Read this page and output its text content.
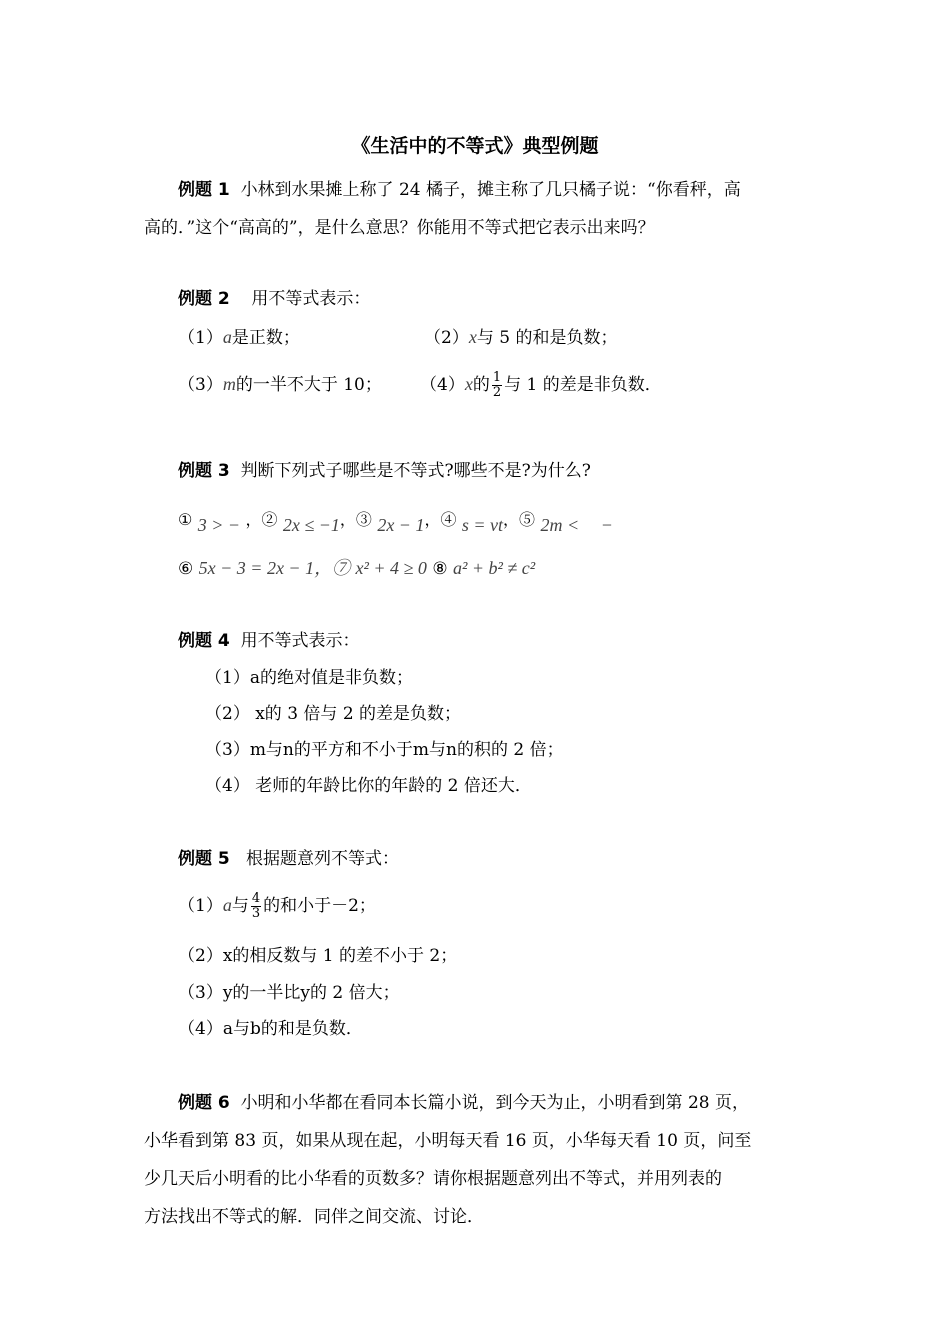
《生活中的不等式》典型例题
例题 1 小林到水果摊上称了 24 橘子，摊主称了几只橘子说：“你看秤，高
高的．”这个“高高的”，是什么意思？你能用不等式把它表示出来吗？
例题 2 用不等式表示：
（1）a是正数；	（2）x与 5 的和是负数；
（3）m的一半不大于 10； （4）x的 $\frac{1}{2}$ 与 1 的差是非负数．
例题 3 判断下列式子哪些是不等式?哪些不是?为什么?
① 3 > − ，② 2x ≤ −1，③ 2x − 1，④ s = vt，⑤ 2m < −
⑥ 5x − 3 = 2x − 1，⑦ x² + 4 ≥ 0 ⑧ a² + b² ≠ c²
例题 4 用不等式表示：
（1）a的绝对值是非负数；
（2） x的 3 倍与 2 的差是负数；
（3）m与n的平方和不小于m与n的积的 2 倍；
（4） 老师的年龄比你的年龄的 2 倍还大．
例题 5 根据题意列不等式：
（1）a与 $\frac{4}{3}$ 的和小于－2；
（2）x的相反数与 1 的差不小于 2；
（3）y的一半比y的 2 倍大；
（4）a与b的和是负数．
例题 6 小明和小华都在看同本长篇小说，到今天为止，小明看到第 28 页，
小华看到第 83 页，如果从现在起，小明每天看 16 页，小华每天看 10 页，问至
少几天后小明看的比小华看的页数多？请你根据题意列出不等式，并用列表的
方法找出不等式的解．同伴之间交流、讨论．
